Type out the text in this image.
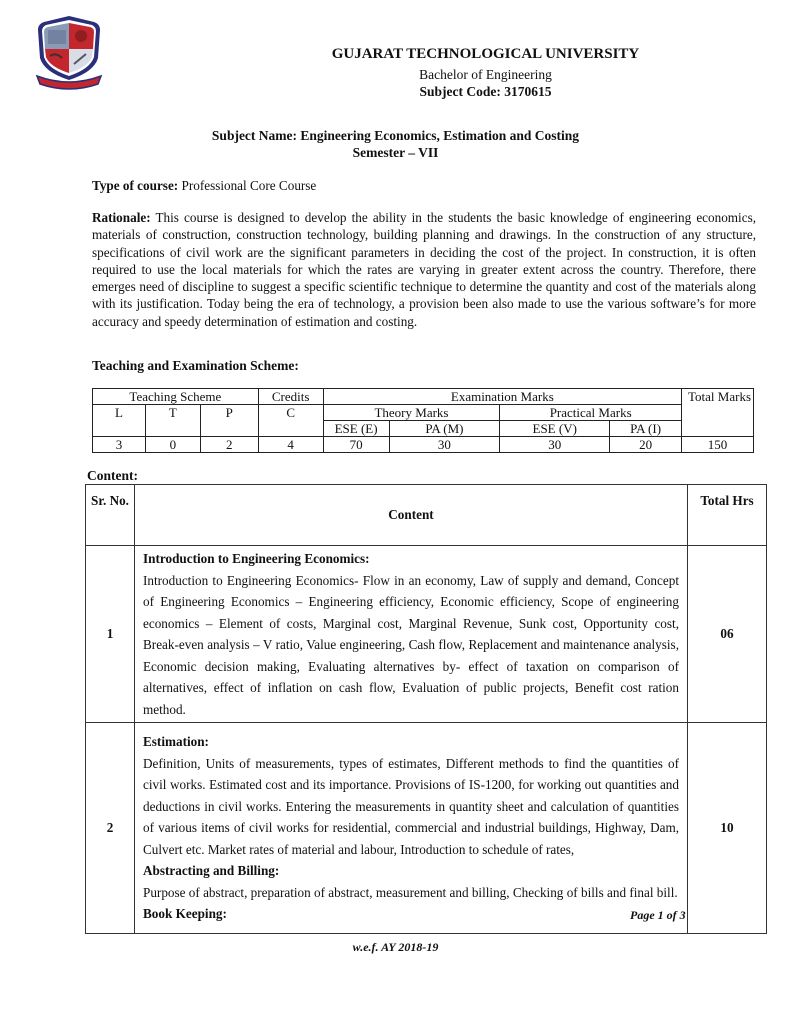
GUJARAT TECHNOLOGICAL UNIVERSITY
Bachelor of Engineering
Subject Code: 3170615
Subject Name: Engineering Economics, Estimation and Costing
Semester – VII
Type of course: Professional Core Course
Rationale: This course is designed to develop the ability in the students the basic knowledge of engineering economics, materials of construction, construction technology, building planning and drawings. In the construction of any structure, specifications of civil work are the significant parameters in deciding the cost of the project. In construction, it is often required to use the local materials for which the rates are varying in greater extent across the country. Therefore, there emerges need of discipline to suggest a specific scientific technique to determine the quantity and cost of the materials along with its justification. Today being the era of technology, a provision been also made to use the various software’s for more accuracy and speedy determination of estimation and costing.
Teaching and Examination Scheme:
Teaching Scheme			Credits	Examination Marks				Total Marks
L	T	P	C	Theory Marks		Practical Marks		
				ESE (E)	PA (M)	ESE (V)	PA (I)	
3	0	2	4	70	30	30	20	150
Content:
Sr. No.	Content	Total Hrs
1	Introduction to Engineering Economics:
Introduction to Engineering Economics- Flow in an economy, Law of supply and demand, Concept of Engineering Economics – Engineering efficiency, Economic efficiency, Scope of engineering economics – Element of costs, Marginal cost, Marginal Revenue, Sunk cost, Opportunity cost, Break-even analysis – V ratio, Value engineering, Cash flow, Replacement and maintenance analysis, Economic decision making, Evaluating alternatives by- effect of taxation on comparison of alternatives, effect of inflation on cash flow, Evaluation of public projects, Benefit cost ration method.	06
2	Estimation:
Definition, Units of measurements, types of estimates, Different methods to find the quantities of civil works. Estimated cost and its importance. Provisions of IS-1200, for working out quantities and deductions in civil works. Entering the measurements in quantity sheet and calculation of quantities of various items of civil works for residential, commercial and industrial buildings, Highway, Dam, Culvert etc. Market rates of material and labour, Introduction to schedule of rates,
Abstracting and Billing:
Purpose of abstract, preparation of abstract, measurement and billing, Checking of bills and final bill.
Book Keeping:	10
Page 1 of 3
w.e.f. AY 2018-19
